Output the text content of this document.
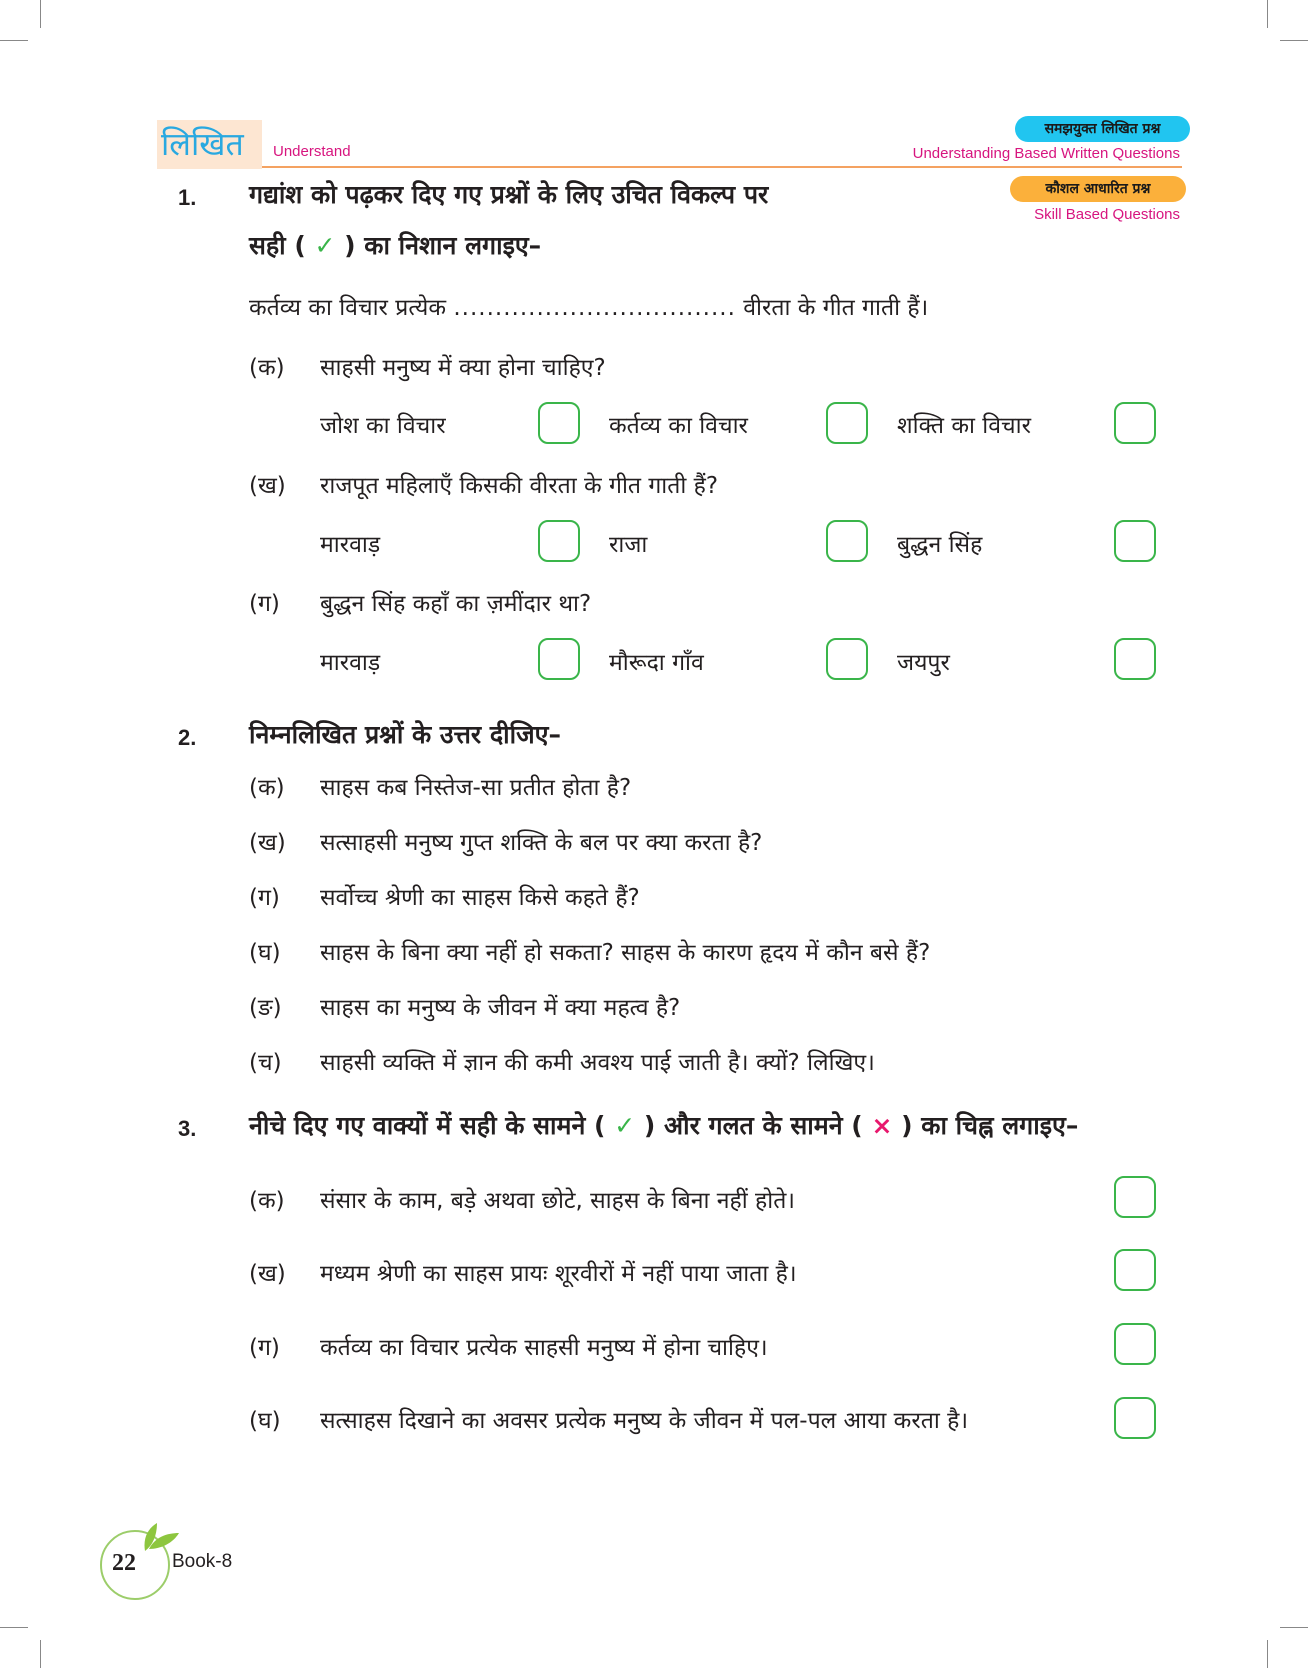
लिखित Understand
समझयुक्त लिखित प्रश्न
Understanding Based Written Questions
कौशल आधारित प्रश्न
Skill Based Questions
1. गद्यांश को पढ़कर दिए गए प्रश्नों के लिए उचित विकल्प पर
सही ( ✓ ) का निशान लगाइए–
कर्तव्य का विचार प्रत्येक .................................. वीरता के गीत गाती हैं।
(क) साहसी मनुष्य में क्या होना चाहिए?
जोश का विचार	कर्तव्य का विचार	शक्ति का विचार
(ख) राजपूत महिलाएँ किसकी वीरता के गीत गाती हैं?
मारवाड़	राजा	बुद्धन सिंह
(ग) बुद्धन सिंह कहाँ का ज़मींदार था?
मारवाड़	मौरूदा गाँव	जयपुर
2. निम्नलिखित प्रश्नों के उत्तर दीजिए–
(क) साहस कब निस्तेज-सा प्रतीत होता है?
(ख) सत्साहसी मनुष्य गुप्त शक्ति के बल पर क्या करता है?
(ग) सर्वोच्च श्रेणी का साहस किसे कहते हैं?
(घ) साहस के बिना क्या नहीं हो सकता? साहस के कारण हृदय में कौन बसे हैं?
(ङ) साहस का मनुष्य के जीवन में क्या महत्व है?
(च) साहसी व्यक्ति में ज्ञान की कमी अवश्य पाई जाती है। क्यों? लिखिए।
3. नीचे दिए गए वाक्यों में सही के सामने ( ✓ ) और गलत के सामने ( × ) का चिह्न लगाइए–
(क) संसार के काम, बड़े अथवा छोटे, साहस के बिना नहीं होते।
(ख) मध्यम श्रेणी का साहस प्रायः शूरवीरों में नहीं पाया जाता है।
(ग) कर्तव्य का विचार प्रत्येक साहसी मनुष्य में होना चाहिए।
(घ) सत्साहस दिखाने का अवसर प्रत्येक मनुष्य के जीवन में पल-पल आया करता है।
22 Book-8
